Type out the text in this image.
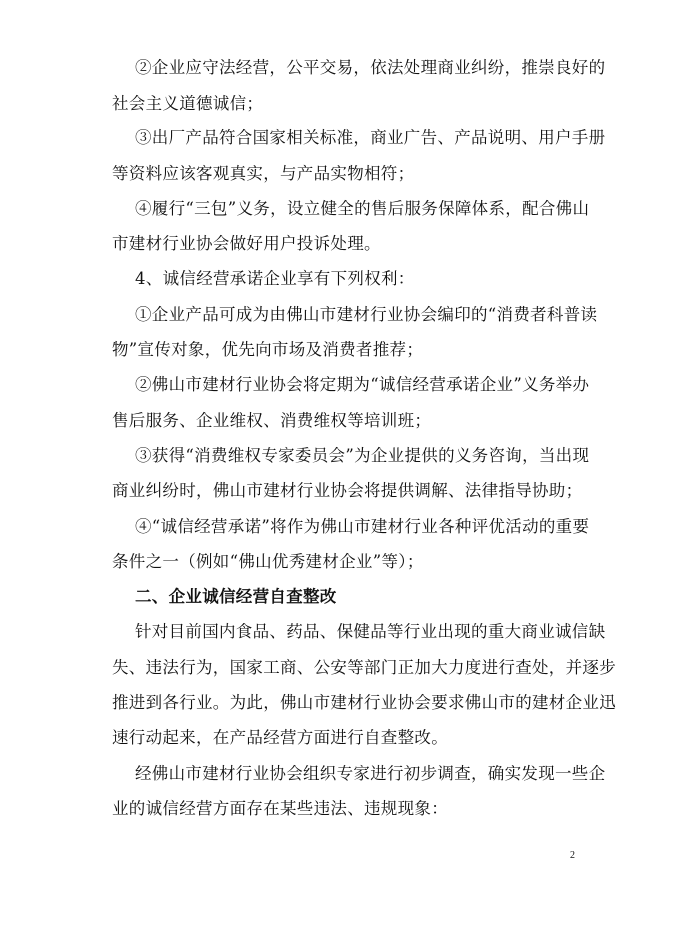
②企业应守法经营，公平交易，依法处理商业纠纷，推崇良好的
社会主义道德诚信；
③出厂产品符合国家相关标准，商业广告、产品说明、用户手册
等资料应该客观真实，与产品实物相符；
④履行“三包”义务，设立健全的售后服务保障体系，配合佛山
市建材行业协会做好用户投诉处理。
4、诚信经营承诺企业享有下列权利：
①企业产品可成为由佛山市建材行业协会编印的“消费者科普读
物”宣传对象，优先向市场及消费者推荐；
②佛山市建材行业协会将定期为“诚信经营承诺企业”义务举办
售后服务、企业维权、消费维权等培训班；
③获得“消费维权专家委员会”为企业提供的义务咨询，当出现
商业纠纷时，佛山市建材行业协会将提供调解、法律指导协助；
④“诚信经营承诺”将作为佛山市建材行业各种评优活动的重要
条件之一（例如“佛山优秀建材企业”等）；
二、企业诚信经营自查整改
针对目前国内食品、药品、保健品等行业出现的重大商业诚信缺
失、违法行为，国家工商、公安等部门正加大力度进行查处，并逐步
推进到各行业。为此，佛山市建材行业协会要求佛山市的建材企业迅
速行动起来，在产品经营方面进行自查整改。
经佛山市建材行业协会组织专家进行初步调查，确实发现一些企
业的诚信经营方面存在某些违法、违规现象：
2
